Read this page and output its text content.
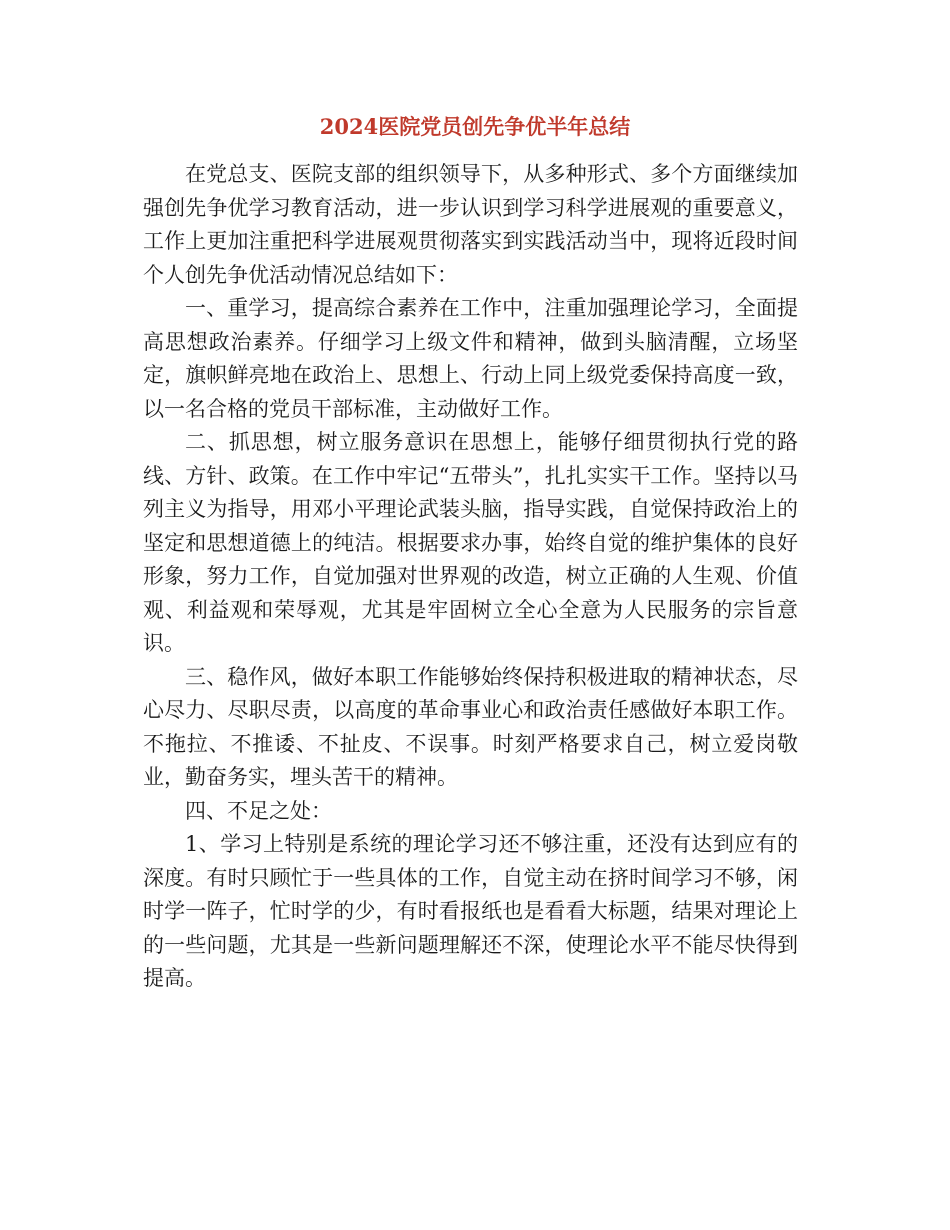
2024医院党员创先争优半年总结

在党总支、医院支部的组织领导下，从多种形式、多个方面继续加强创先争优学习教育活动，进一步认识到学习科学进展观的重要意义，工作上更加注重把科学进展观贯彻落实到实践活动当中，现将近段时间个人创先争优活动情况总结如下：

一、重学习，提高综合素养在工作中，注重加强理论学习，全面提高思想政治素养。仔细学习上级文件和精神，做到头脑清醒，立场坚定，旗帜鲜亮地在政治上、思想上、行动上同上级党委保持高度一致，以一名合格的党员干部标准，主动做好工作。

二、抓思想，树立服务意识在思想上，能够仔细贯彻执行党的路线、方针、政策。在工作中牢记“五带头”，扎扎实实干工作。坚持以马列主义为指导，用邓小平理论武装头脑，指导实践，自觉保持政治上的坚定和思想道德上的纯洁。根据要求办事，始终自觉的维护集体的良好形象，努力工作，自觉加强对世界观的改造，树立正确的人生观、价值观、利益观和荣辱观，尤其是牢固树立全心全意为人民服务的宗旨意识。

三、稳作风，做好本职工作能够始终保持积极进取的精神状态，尽心尽力、尽职尽责，以高度的革命事业心和政治责任感做好本职工作。不拖拉、不推诿、不扯皮、不误事。时刻严格要求自己，树立爱岗敬业，勤奋务实，埋头苦干的精神。

四、不足之处：

1、学习上特别是系统的理论学习还不够注重，还没有达到应有的深度。有时只顾忙于一些具体的工作，自觉主动在挤时间学习不够，闲时学一阵子，忙时学的少，有时看报纸也是看看大标题，结果对理论上的一些问题，尤其是一些新问题理解还不深，使理论水平不能尽快得到提高。
